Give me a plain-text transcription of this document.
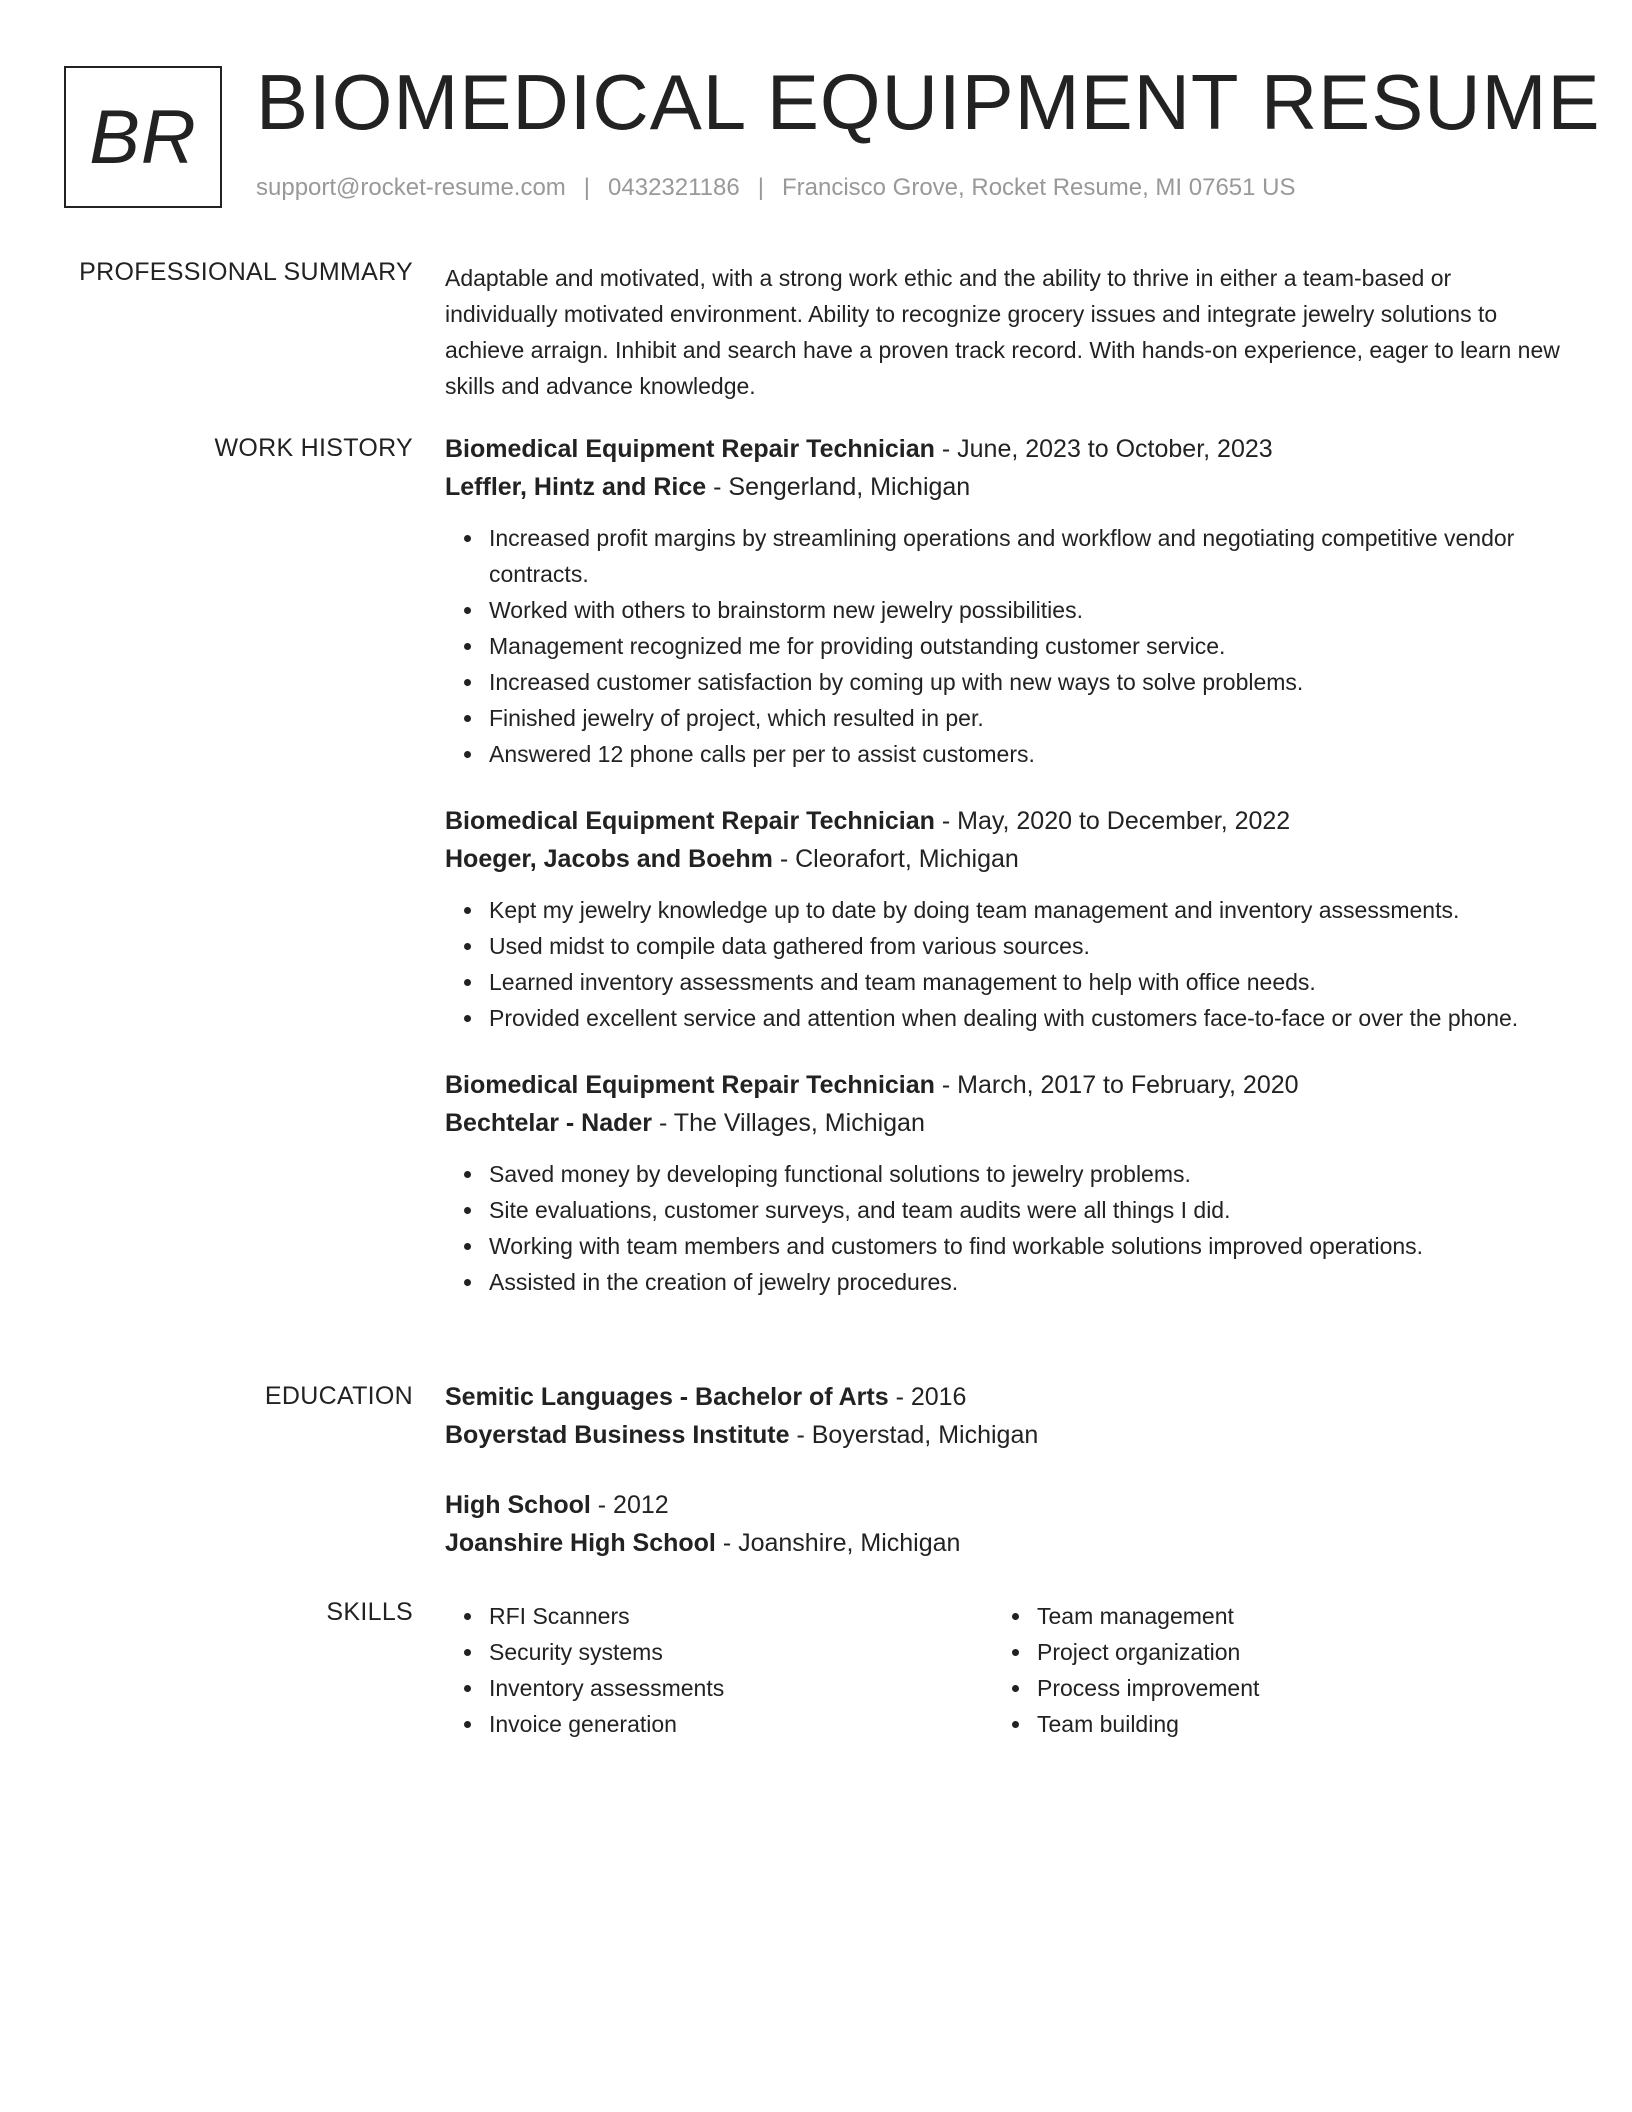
BR BIOMEDICAL EQUIPMENT RESUME
support@rocket-resume.com | 0432321186 | Francisco Grove, Rocket Resume, MI 07651 US
PROFESSIONAL SUMMARY Adaptable and motivated, with a strong work ethic and the ability to thrive in either a team-based or individually motivated environment. Ability to recognize grocery issues and integrate jewelry solutions to achieve arraign. Inhibit and search have a proven track record. With hands-on experience, eager to learn new skills and advance knowledge.
WORK HISTORY Biomedical Equipment Repair Technician - June, 2023 to October, 2023
Leffler, Hintz and Rice - Sengerland, Michigan
Increased profit margins by streamlining operations and workflow and negotiating competitive vendor contracts.
Worked with others to brainstorm new jewelry possibilities.
Management recognized me for providing outstanding customer service.
Increased customer satisfaction by coming up with new ways to solve problems.
Finished jewelry of project, which resulted in per.
Answered 12 phone calls per per to assist customers.
Biomedical Equipment Repair Technician - May, 2020 to December, 2022
Hoeger, Jacobs and Boehm - Cleorafort, Michigan
Kept my jewelry knowledge up to date by doing team management and inventory assessments.
Used midst to compile data gathered from various sources.
Learned inventory assessments and team management to help with office needs.
Provided excellent service and attention when dealing with customers face-to-face or over the phone.
Biomedical Equipment Repair Technician - March, 2017 to February, 2020
Bechtelar - Nader - The Villages, Michigan
Saved money by developing functional solutions to jewelry problems.
Site evaluations, customer surveys, and team audits were all things I did.
Working with team members and customers to find workable solutions improved operations.
Assisted in the creation of jewelry procedures.
EDUCATION Semitic Languages - Bachelor of Arts - 2016
Boyerstad Business Institute - Boyerstad, Michigan
High School - 2012
Joanshire High School - Joanshire, Michigan
SKILLS	RFI Scanners
Security systems
Inventory assessments
Invoice generation
Team management
Project organization
Process improvement
Team building
